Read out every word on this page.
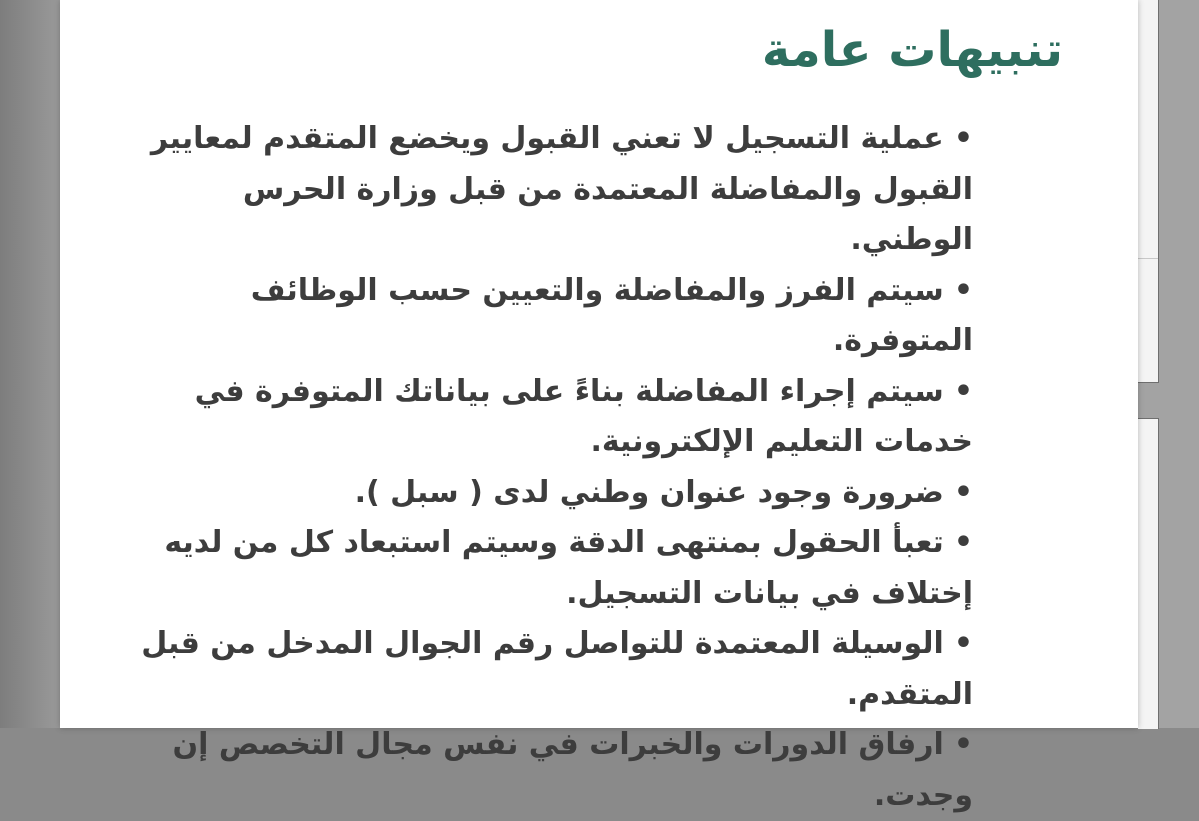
تنبيهات عامة
•عملية التسجيل لا تعني القبول ويخضع المتقدم لمعايير القبول والمفاضلة المعتمدة من قبل وزارة الحرس الوطني.
•سيتم الفرز والمفاضلة والتعيين حسب الوظائف المتوفرة.
•سيتم إجراء المفاضلة بناءً على بياناتك المتوفرة في خدمات التعليم الإلكترونية.
•ضرورة وجود عنوان وطني لدى ( سبل ).
•تعبأ الحقول بمنتهى الدقة وسيتم استبعاد كل من لديه إختلاف في بيانات التسجيل.
•الوسيلة المعتمدة للتواصل رقم الجوال المدخل من قبل المتقدم.
•ارفاق الدورات والخبرات في نفس مجال التخصص إن وجدت.
